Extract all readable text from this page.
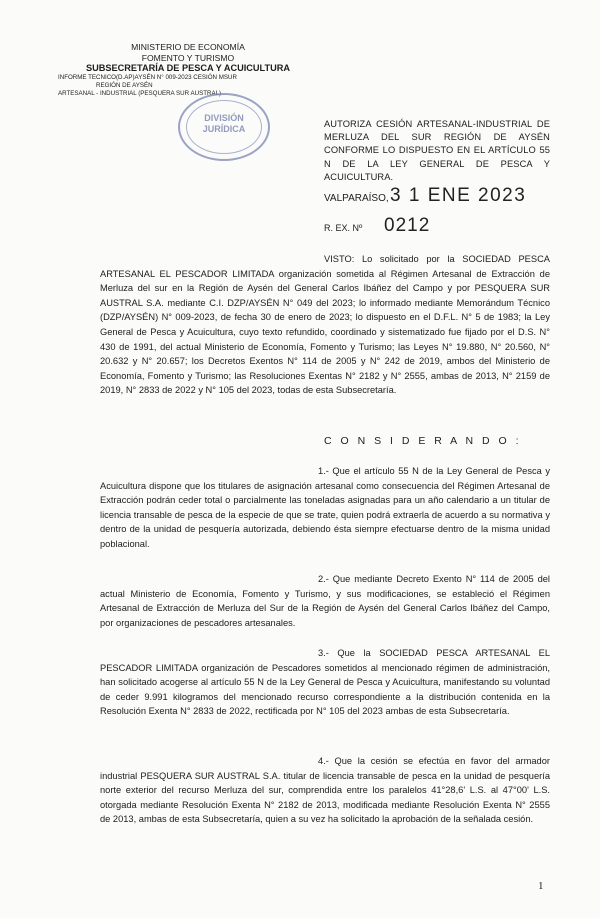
MINISTERIO DE ECONOMÍA
FOMENTO Y TURISMO
SUBSECRETARÍA DE PESCA Y ACUICULTURA
INFORME TECNICO(D.AP)AYSÉN N° 009-2023 CESIÓN MSUR
REGIÓN DE AYSÉN
ARTESANAL - INDUSTRIAL (PESQUERA SUR AUSTRAL)
DIVISIÓN
JURÍDICA	AUTORIZA CESIÓN ARTESANAL-INDUSTRIAL DE MERLUZA DEL SUR REGIÓN DE AYSÉN CONFORME LO DISPUESTO EN EL ARTÍCULO 55 N DE LA LEY GENERAL DE PESCA Y ACUICULTURA.
VALPARAÍSO, 3 1 ENE 2023
R. EX. Nº 0212
VISTO: Lo solicitado por la SOCIEDAD PESCA ARTESANAL EL PESCADOR LIMITADA organización sometida al Régimen Artesanal de Extracción de Merluza del sur en la Región de Aysén del General Carlos Ibáñez del Campo y por PESQUERA SUR AUSTRAL S.A. mediante C.I. DZP/AYSÉN N° 049 del 2023; lo informado mediante Memorándum Técnico (DZP/AYSÉN) N° 009-2023, de fecha 30 de enero de 2023; lo dispuesto en el D.F.L. N° 5 de 1983; la Ley General de Pesca y Acuicultura, cuyo texto refundido, coordinado y sistematizado fue fijado por el D.S. N° 430 de 1991, del actual Ministerio de Economía, Fomento y Turismo; las Leyes N° 19.880, N° 20.560, N° 20.632 y N° 20.657; los Decretos Exentos N° 114 de 2005 y N° 242 de 2019, ambos del Ministerio de Economía, Fomento y Turismo; las Resoluciones Exentas N° 2182 y N° 2555, ambas de 2013, N° 2159 de 2019, N° 2833 de 2022 y N° 105 del 2023, todas de esta Subsecretaría.
C O N S I D E R A N D O :
1.- Que el artículo 55 N de la Ley General de Pesca y Acuicultura dispone que los titulares de asignación artesanal como consecuencia del Régimen Artesanal de Extracción podrán ceder total o parcialmente las toneladas asignadas para un año calendario a un titular de licencia transable de pesca de la especie de que se trate, quien podrá extraerla de acuerdo a su normativa y dentro de la unidad de pesquería autorizada, debiendo ésta siempre efectuarse dentro de la misma unidad poblacional.
2.- Que mediante Decreto Exento N° 114 de 2005 del actual Ministerio de Economía, Fomento y Turismo, y sus modificaciones, se estableció el Régimen Artesanal de Extracción de Merluza del Sur de la Región de Aysén del General Carlos Ibáñez del Campo, por organizaciones de pescadores artesanales.
3.- Que la SOCIEDAD PESCA ARTESANAL EL PESCADOR LIMITADA organización de Pescadores sometidos al mencionado régimen de administración, han solicitado acogerse al artículo 55 N de la Ley General de Pesca y Acuicultura, manifestando su voluntad de ceder 9.991 kilogramos del mencionado recurso correspondiente a la distribución contenida en la Resolución Exenta N° 2833 de 2022, rectificada por N° 105 del 2023 ambas de esta Subsecretaría.
4.- Que la cesión se efectúa en favor del armador industrial PESQUERA SUR AUSTRAL S.A. titular de licencia transable de pesca en la unidad de pesquería norte exterior del recurso Merluza del sur, comprendida entre los paralelos 41°28,6' L.S. al 47°00' L.S. otorgada mediante Resolución Exenta N° 2182 de 2013, modificada mediante Resolución Exenta N° 2555 de 2013, ambas de esta Subsecretaría, quien a su vez ha solicitado la aprobación de la señalada cesión.
1
